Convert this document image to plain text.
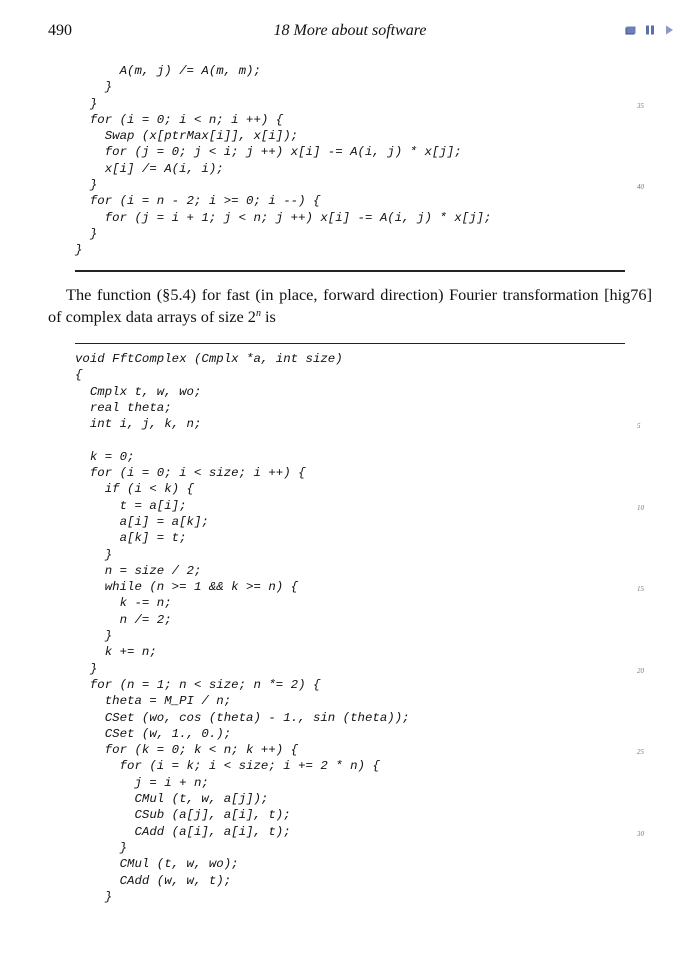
490	18 More about software
A(m, j) /= A(m, m);
}
}	35
for (i = 0; i < n; i ++) {
Swap (x[ptrMax[i]], x[i]);
for (j = 0; j < i; j ++) x[i] -= A(i, j) * x[j];
x[i] /= A(i, i);
}	40
for (i = n - 2; i >= 0; i --) {
for (j = i + 1; j < n; j ++) x[i] -= A(i, j) * x[j];
}
}

The function (§5.4) for fast (in place, forward direction) Fourier transformation [hig76] of complex data arrays of size 2$^n$ is

void FftComplex (Cmplx *a, int size)
{
Cmplx t, w, wo;
real theta;
int i, j, k, n;	5
k = 0;
for (i = 0; i < size; i ++) {
if (i < k) {
t = a[i];	10
a[i] = a[k];
a[k] = t;
}
n = size / 2;
while (n >= 1 && k >= n) {	15
k -= n;
n /= 2;
}
k += n;
}	20
for (n = 1; n < size; n *= 2) {
theta = M_PI / n;
CSet (wo, cos (theta) - 1., sin (theta));
CSet (w, 1., 0.);
for (k = 0; k < n; k ++) {	25
for (i = k; i < size; i += 2 * n) {
j = i + n;
CMul (t, w, a[j]);
CSub (a[j], a[i], t);
CAdd (a[i], a[i], t);	30
}
CMul (t, w, wo);
CAdd (w, w, t);
}
